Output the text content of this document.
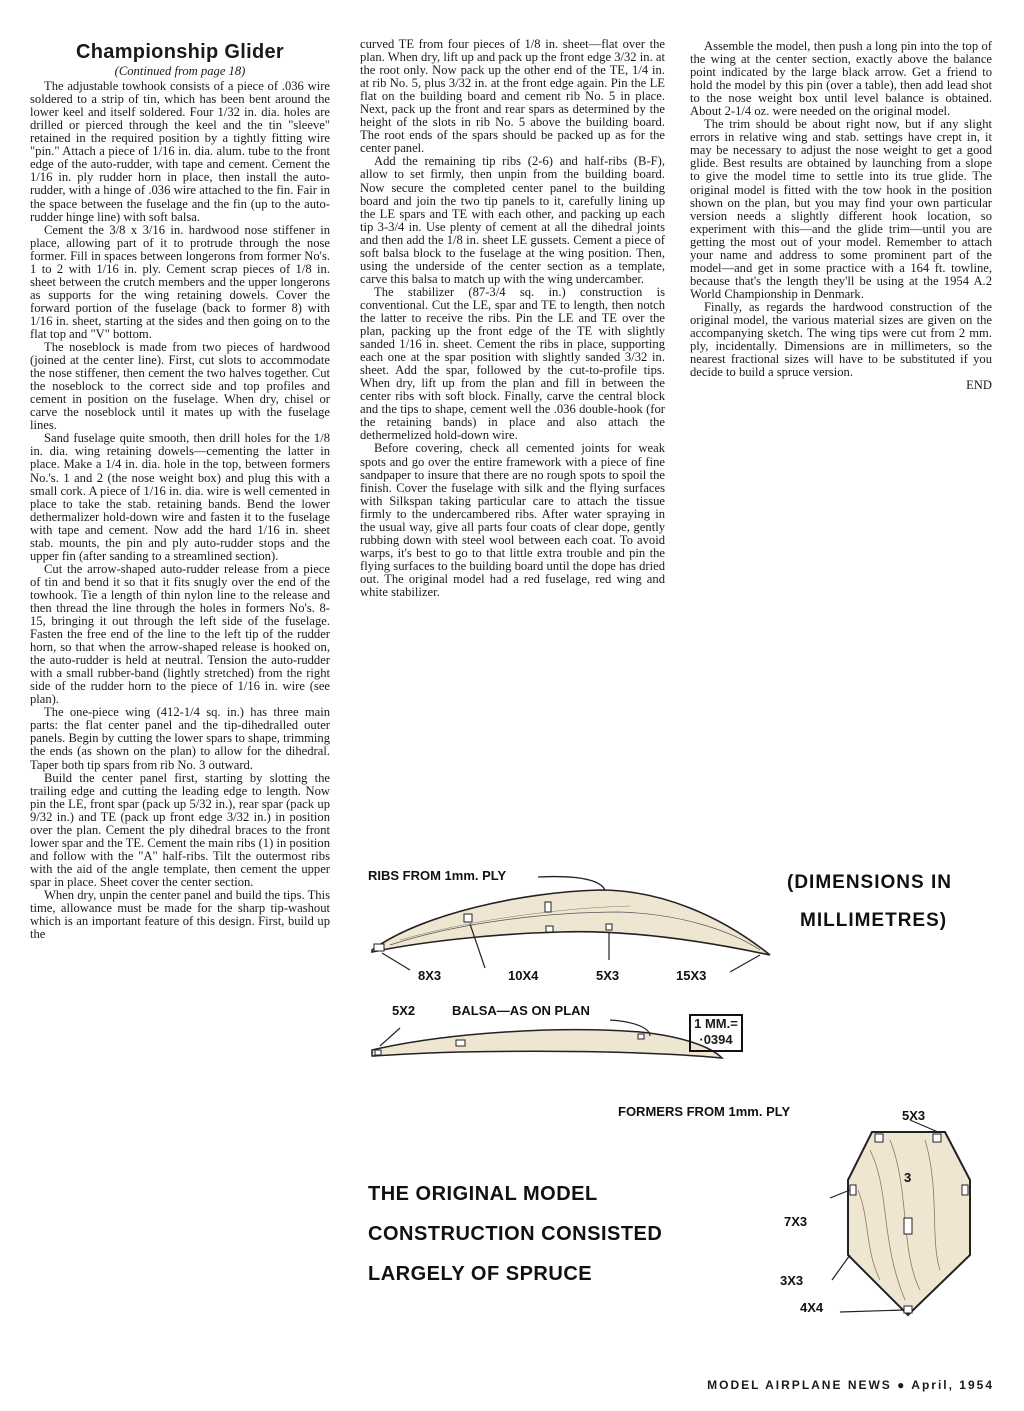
Championship Glider
(Continued from page 18)

The adjustable towhook consists of a piece of .036 wire soldered to a strip of tin, which has been bent around the lower keel and itself soldered. Four 1/32 in. dia. holes are drilled or pierced through the keel and the tin "sleeve" retained in the required position by a tightly fitting wire "pin." Attach a piece of 1/16 in. dia. alum. tube to the front edge of the auto-rudder, with tape and cement. Cement the 1/16 in. ply rudder horn in place, then install the auto-rudder, with a hinge of .036 wire attached to the fin. Fair in the space between the fuselage and the fin (up to the auto-rudder hinge line) with soft balsa.

Cement the 3/8 x 3/16 in. hardwood nose stiffener in place, allowing part of it to protrude through the nose former. Fill in spaces between longerons from former No's. 1 to 2 with 1/16 in. ply. Cement scrap pieces of 1/8 in. sheet between the crutch members and the upper longerons as supports for the wing retaining dowels. Cover the forward portion of the fuselage (back to former 8) with 1/16 in. sheet, starting at the sides and then going on to the flat top and "V" bottom.

The noseblock is made from two pieces of hardwood (joined at the center line). First, cut slots to accommodate the nose stiffener, then cement the two halves together. Cut the noseblock to the correct side and top profiles and cement in position on the fuselage. When dry, chisel or carve the noseblock until it mates up with the fuselage lines.

Sand fuselage quite smooth, then drill holes for the 1/8 in. dia. wing retaining dowels—cementing the latter in place. Make a 1/4 in. dia. hole in the top, between formers No.'s. 1 and 2 (the nose weight box) and plug this with a small cork. A piece of 1/16 in. dia. wire is well cemented in place to take the stab. retaining bands. Bend the lower dethermalizer hold-down wire and fasten it to the fuselage with tape and cement. Now add the hard 1/16 in. sheet stab. mounts, the pin and ply auto-rudder stops and the upper fin (after sanding to a streamlined section).

Cut the arrow-shaped auto-rudder release from a piece of tin and bend it so that it fits snugly over the end of the towhook. Tie a length of thin nylon line to the release and then thread the line through the holes in formers No's. 8-15, bringing it out through the left side of the fuselage. Fasten the free end of the line to the left tip of the rudder horn, so that when the arrow-shaped release is hooked on, the auto-rudder is held at neutral. Tension the auto-rudder with a small rubber-band (lightly stretched) from the right side of the rudder horn to the piece of 1/16 in. wire (see plan).

The one-piece wing (412-1/4 sq. in.) has three main parts: the flat center panel and the tip-dihedralled outer panels. Begin by cutting the lower spars to shape, trimming the ends (as shown on the plan) to allow for the dihedral. Taper both tip spars from rib No. 3 outward.

Build the center panel first, starting by slotting the trailing edge and cutting the leading edge to length. Now pin the LE, front spar (pack up 5/32 in.), rear spar (pack up 9/32 in.) and TE (pack up front edge 3/32 in.) in position over the plan. Cement the ply dihedral braces to the front lower spar and the TE. Cement the main ribs (1) in position and follow with the "A" half-ribs. Tilt the outermost ribs with the aid of the angle template, then cement the upper spar in place. Sheet cover the center section.

When dry, unpin the center panel and build the tips. This time, allowance must be made for the sharp tip-washout which is an important feature of this design. First, build up the

curved TE from four pieces of 1/8 in. sheet—flat over the plan. When dry, lift up and pack up the front edge 3/32 in. at the root only. Now pack up the other end of the TE, 1/4 in. at rib No. 5, plus 3/32 in. at the front edge again. Pin the LE flat on the building board and cement rib No. 5 in place. Next, pack up the front and rear spars as determined by the height of the slots in rib No. 5 above the building board. The root ends of the spars should be packed up as for the center panel.

Add the remaining tip ribs (2-6) and half-ribs (B-F), allow to set firmly, then unpin from the building board. Now secure the completed center panel to the building board and join the two tip panels to it, carefully lining up the LE spars and TE with each other, and packing up each tip 3-3/4 in. Use plenty of cement at all the dihedral joints and then add the 1/8 in. sheet LE gussets. Cement a piece of soft balsa block to the fuselage at the wing position. Then, using the underside of the center section as a template, carve this balsa to match up with the wing undercamber.

The stabilizer (87-3/4 sq. in.) construction is conventional. Cut the LE, spar and TE to length, then notch the latter to receive the ribs. Pin the LE and TE over the plan, packing up the front edge of the TE with slightly sanded 1/16 in. sheet. Cement the ribs in place, supporting each one at the spar position with slightly sanded 3/32 in. sheet. Add the spar, followed by the cut-to-profile tips. When dry, lift up from the plan and fill in between the center ribs with soft block. Finally, carve the central block and the tips to shape, cement well the .036 double-hook (for the retaining bands) in place and also attach the dethermelized hold-down wire.

Before covering, check all cemented joints for weak spots and go over the entire framework with a piece of fine sandpaper to insure that there are no rough spots to spoil the finish. Cover the fuselage with silk and the flying surfaces with Silkspan taking particular care to attach the tissue firmly to the undercambered ribs. After water spraying in the usual way, give all parts four coats of clear dope, gently rubbing down with steel wool between each coat. To avoid warps, it's best to go to that little extra trouble and pin the flying surfaces to the building board until the dope has dried out. The original model had a red fuselage, red wing and white stabilizer.

Assemble the model, then push a long pin into the top of the wing at the center section, exactly above the balance point indicated by the large black arrow. Get a friend to hold the model by this pin (over a table), then add lead shot to the nose weight box until level balance is obtained. About 2-1/4 oz. were needed on the original model.

The trim should be about right now, but if any slight errors in relative wing and stab. settings have crept in, it may be necessary to adjust the nose weight to get a good glide. Best results are obtained by launching from a slope to give the model time to settle into its true glide. The original model is fitted with the tow hook in the position shown on the plan, but you may find your own particular version needs a slightly different hook location, so experiment with this—and the glide trim—until you are getting the most out of your model. Remember to attach your name and address to some prominent part of the model—and get in some practice with a 164 ft. towline, because that's the length they'll be using at the 1954 A.2 World Championship in Denmark.

Finally, as regards the hardwood construction of the original model, the various material sizes are given on the accompanying sketch. The wing tips were cut from 2 mm. ply, incidentally. Dimensions are in millimeters, so the nearest fractional sizes will have to be substituted if you decide to build a spruce version.

END
RIBS FROM 1mm. PLY
8X3	10X4	5X3	15X3
5X2	BALSA—AS ON PLAN
(DIMENSIONS IN
MILLIMETRES)
1 MM.=
·0394
3
FORMERS FROM 1mm. PLY	5X3
7X3
3X3
4X4
THE ORIGINAL MODEL
CONSTRUCTION CONSISTED
LARGELY OF SPRUCE
MODEL AIRPLANE NEWS ● April, 1954
